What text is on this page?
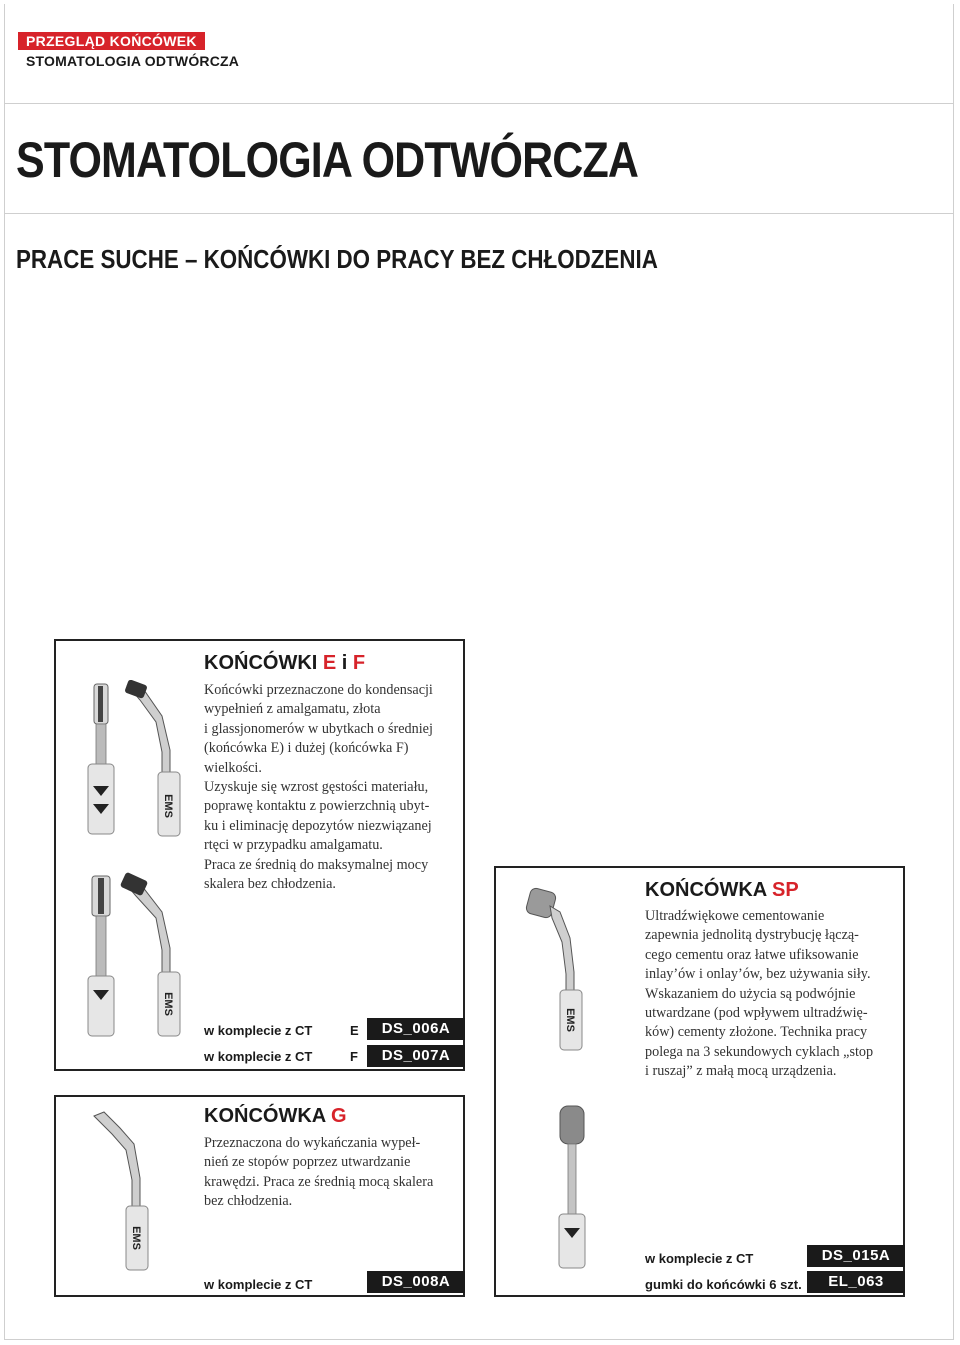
PRZEGLĄD KOŃCÓWEK
STOMATOLOGIA ODTWÓRCZA
STOMATOLOGIA ODTWÓRCZA
PRACE SUCHE – KOŃCÓWKI DO PRACY BEZ CHŁODZENIA
EMS
EMS
KOŃCÓWKI E i F
Końcówki przeznaczone do kondensacji
wypełnień z amalgamatu, złota
i glassjonomerów w ubytkach o średniej
(końcówka E) i dużej (końcówka F)
wielkości.
Uzyskuje się wzrost gęstości materiału,
poprawę kontaktu z powierzchnią ubyt-
ku i eliminację depozytów niezwiązanej
rtęci w przypadku amalgamatu.
Praca ze średnią do maksymalnej mocy
skalera bez chłodzenia.
w komplecie z CT	E	DS_006A
w komplecie z CT	F	DS_007A
EMS
KOŃCÓWKA SP
Ultradźwiękowe cementowanie
zapewnia jednolitą dystrybucję łączą-
cego cementu oraz łatwe ufiksowanie
inlay’ów i onlay’ów, bez używania siły.
Wskazaniem do użycia są podwójnie
utwardzane (pod wpływem ultradźwię-
ków) cementy złożone. Technika pracy
polega na 3 sekundowych cyklach „stop
i ruszaj” z małą mocą urządzenia.
w komplecie z CT	DS_015A
gumki do końcówki 6 szt.	EL_063
EMS
KOŃCÓWKA G
Przeznaczona do wykańczania wypeł-
nień ze stopów poprzez utwardzanie
krawędzi. Praca ze średnią mocą skalera
bez chłodzenia.
w komplecie z CT	DS_008A
